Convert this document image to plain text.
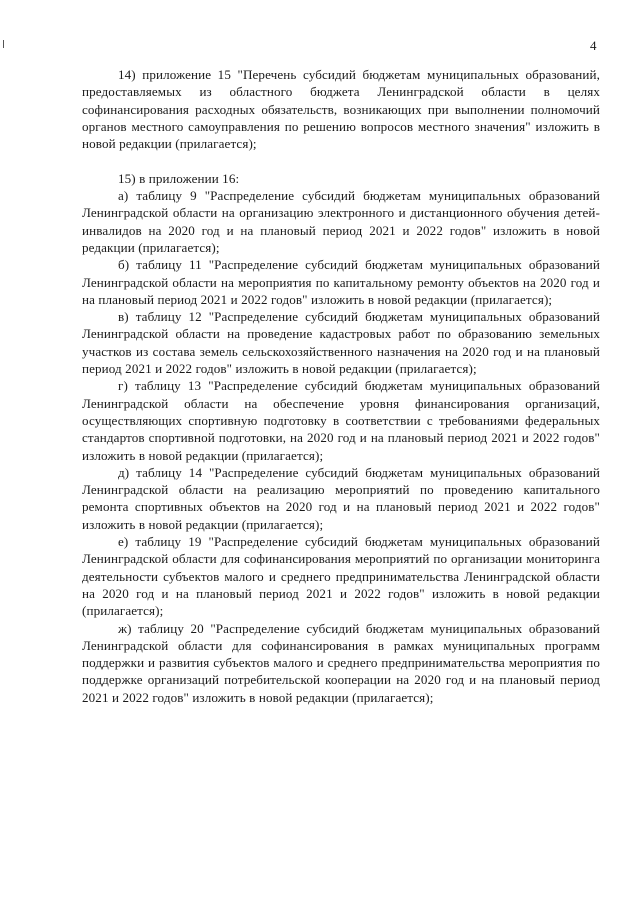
4

14) приложение 15 "Перечень субсидий бюджетам муниципальных образований, предоставляемых из областного бюджета Ленинградской области в целях софинансирования расходных обязательств, возникающих при выполнении полномочий органов местного самоуправления по решению вопросов местного значения" изложить в новой редакции (прилагается);

15) в приложении 16:

а) таблицу 9 "Распределение субсидий бюджетам муниципальных образований Ленинградской области на организацию электронного и дистанционного обучения детей-инвалидов на 2020 год и на плановый период 2021 и 2022 годов" изложить в новой редакции (прилагается);

б) таблицу 11 "Распределение субсидий бюджетам муниципальных образований Ленинградской области на мероприятия по капитальному ремонту объектов на 2020 год и на плановый период 2021 и 2022 годов" изложить в новой редакции (прилагается);

в) таблицу 12 "Распределение субсидий бюджетам муниципальных образований Ленинградской области на проведение кадастровых работ по образованию земельных участков из состава земель сельскохозяйственного назначения на 2020 год и на плановый период 2021 и 2022 годов" изложить в новой редакции (прилагается);

г) таблицу 13 "Распределение субсидий бюджетам муниципальных образований Ленинградской области на обеспечение уровня финансирования организаций, осуществляющих спортивную подготовку в соответствии с требованиями федеральных стандартов спортивной подготовки, на 2020 год и на плановый период 2021 и 2022 годов" изложить в новой редакции (прилагается);

д) таблицу 14 "Распределение субсидий бюджетам муниципальных образований Ленинградской области на реализацию мероприятий по проведению капитального ремонта спортивных объектов на 2020 год и на плановый период 2021 и 2022 годов" изложить в новой редакции (прилагается);

е) таблицу 19 "Распределение субсидий бюджетам муниципальных образований Ленинградской области для софинансирования мероприятий по организации мониторинга деятельности субъектов малого и среднего предпринимательства Ленинградской области на 2020 год и на плановый период 2021 и 2022 годов" изложить в новой редакции (прилагается);

ж) таблицу 20 "Распределение субсидий бюджетам муниципальных образований Ленинградской области для софинансирования в рамках муниципальных программ поддержки и развития субъектов малого и среднего предпринимательства мероприятия по поддержке организаций потребительской кооперации на 2020 год и на плановый период 2021 и 2022 годов" изложить в новой редакции (прилагается);
